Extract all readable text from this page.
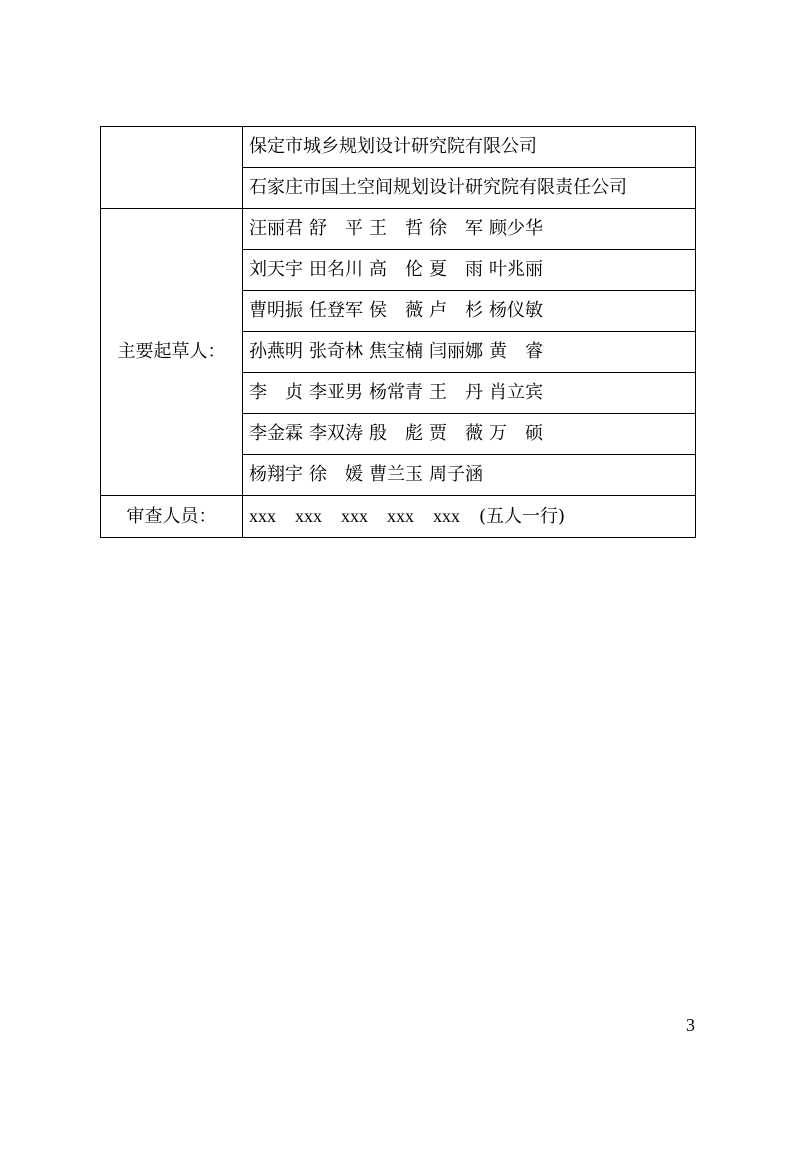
	保定市城乡规划设计研究院有限公司
	石家庄市国土空间规划设计研究院有限责任公司
主要起草人：	汪丽君 舒　平 王　哲 徐　军 顾少华
	刘天宇 田名川 高　伦 夏　雨 叶兆丽
	曹明振 任登军 侯　薇 卢　杉 杨仪敏
	孙燕明 张奇林 焦宝楠 闫丽娜 黄　睿
	李　贞 李亚男 杨常青 王　丹 肖立宾
	李金霖 李双涛 殷　彪 贾　薇 万　硕
	杨翔宇 徐　媛 曹兰玉 周子涵
审查人员：	xxx xxx xxx xxx xxx (五人一行)
3
